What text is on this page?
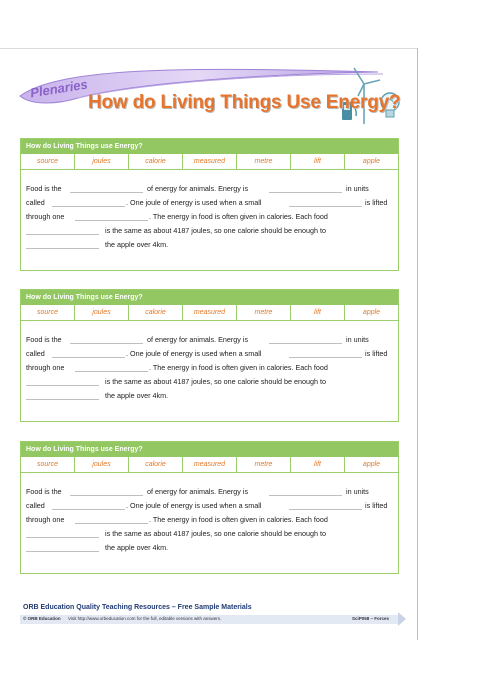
Plenaries
How do Living Things Use Energy?
How do Living Things use Energy?
source	joules	calorie	measured	metre	lift	apple
Food is the	of energy for animals. Energy is	in units
called	. One joule of energy is used when a small	is lifted
through one	. The energy in food is often given in calories. Each food
is the same as about 4187 joules, so one calorie should be enough to
the apple over 4km.
How do Living Things use Energy?
source	joules	calorie	measured	metre	lift	apple
Food is the	of energy for animals. Energy is	in units
called	. One joule of energy is used when a small	is lifted
through one	. The energy in food is often given in calories. Each food
is the same as about 4187 joules, so one calorie should be enough to
the apple over 4km.
How do Living Things use Energy?
source	joules	calorie	measured	metre	lift	apple
Food is the	of energy for animals. Energy is	in units
called	. One joule of energy is used when a small	is lifted
through one	. The energy in food is often given in calories. Each food
is the same as about 4187 joules, so one calorie should be enough to
the apple over 4km.
ORB Education Quality Teaching Resources – Free Sample Materials
© ORB Education Visit http://www.orbeducation.com for the full, editable versions with answers.	SciP058 – Forces
